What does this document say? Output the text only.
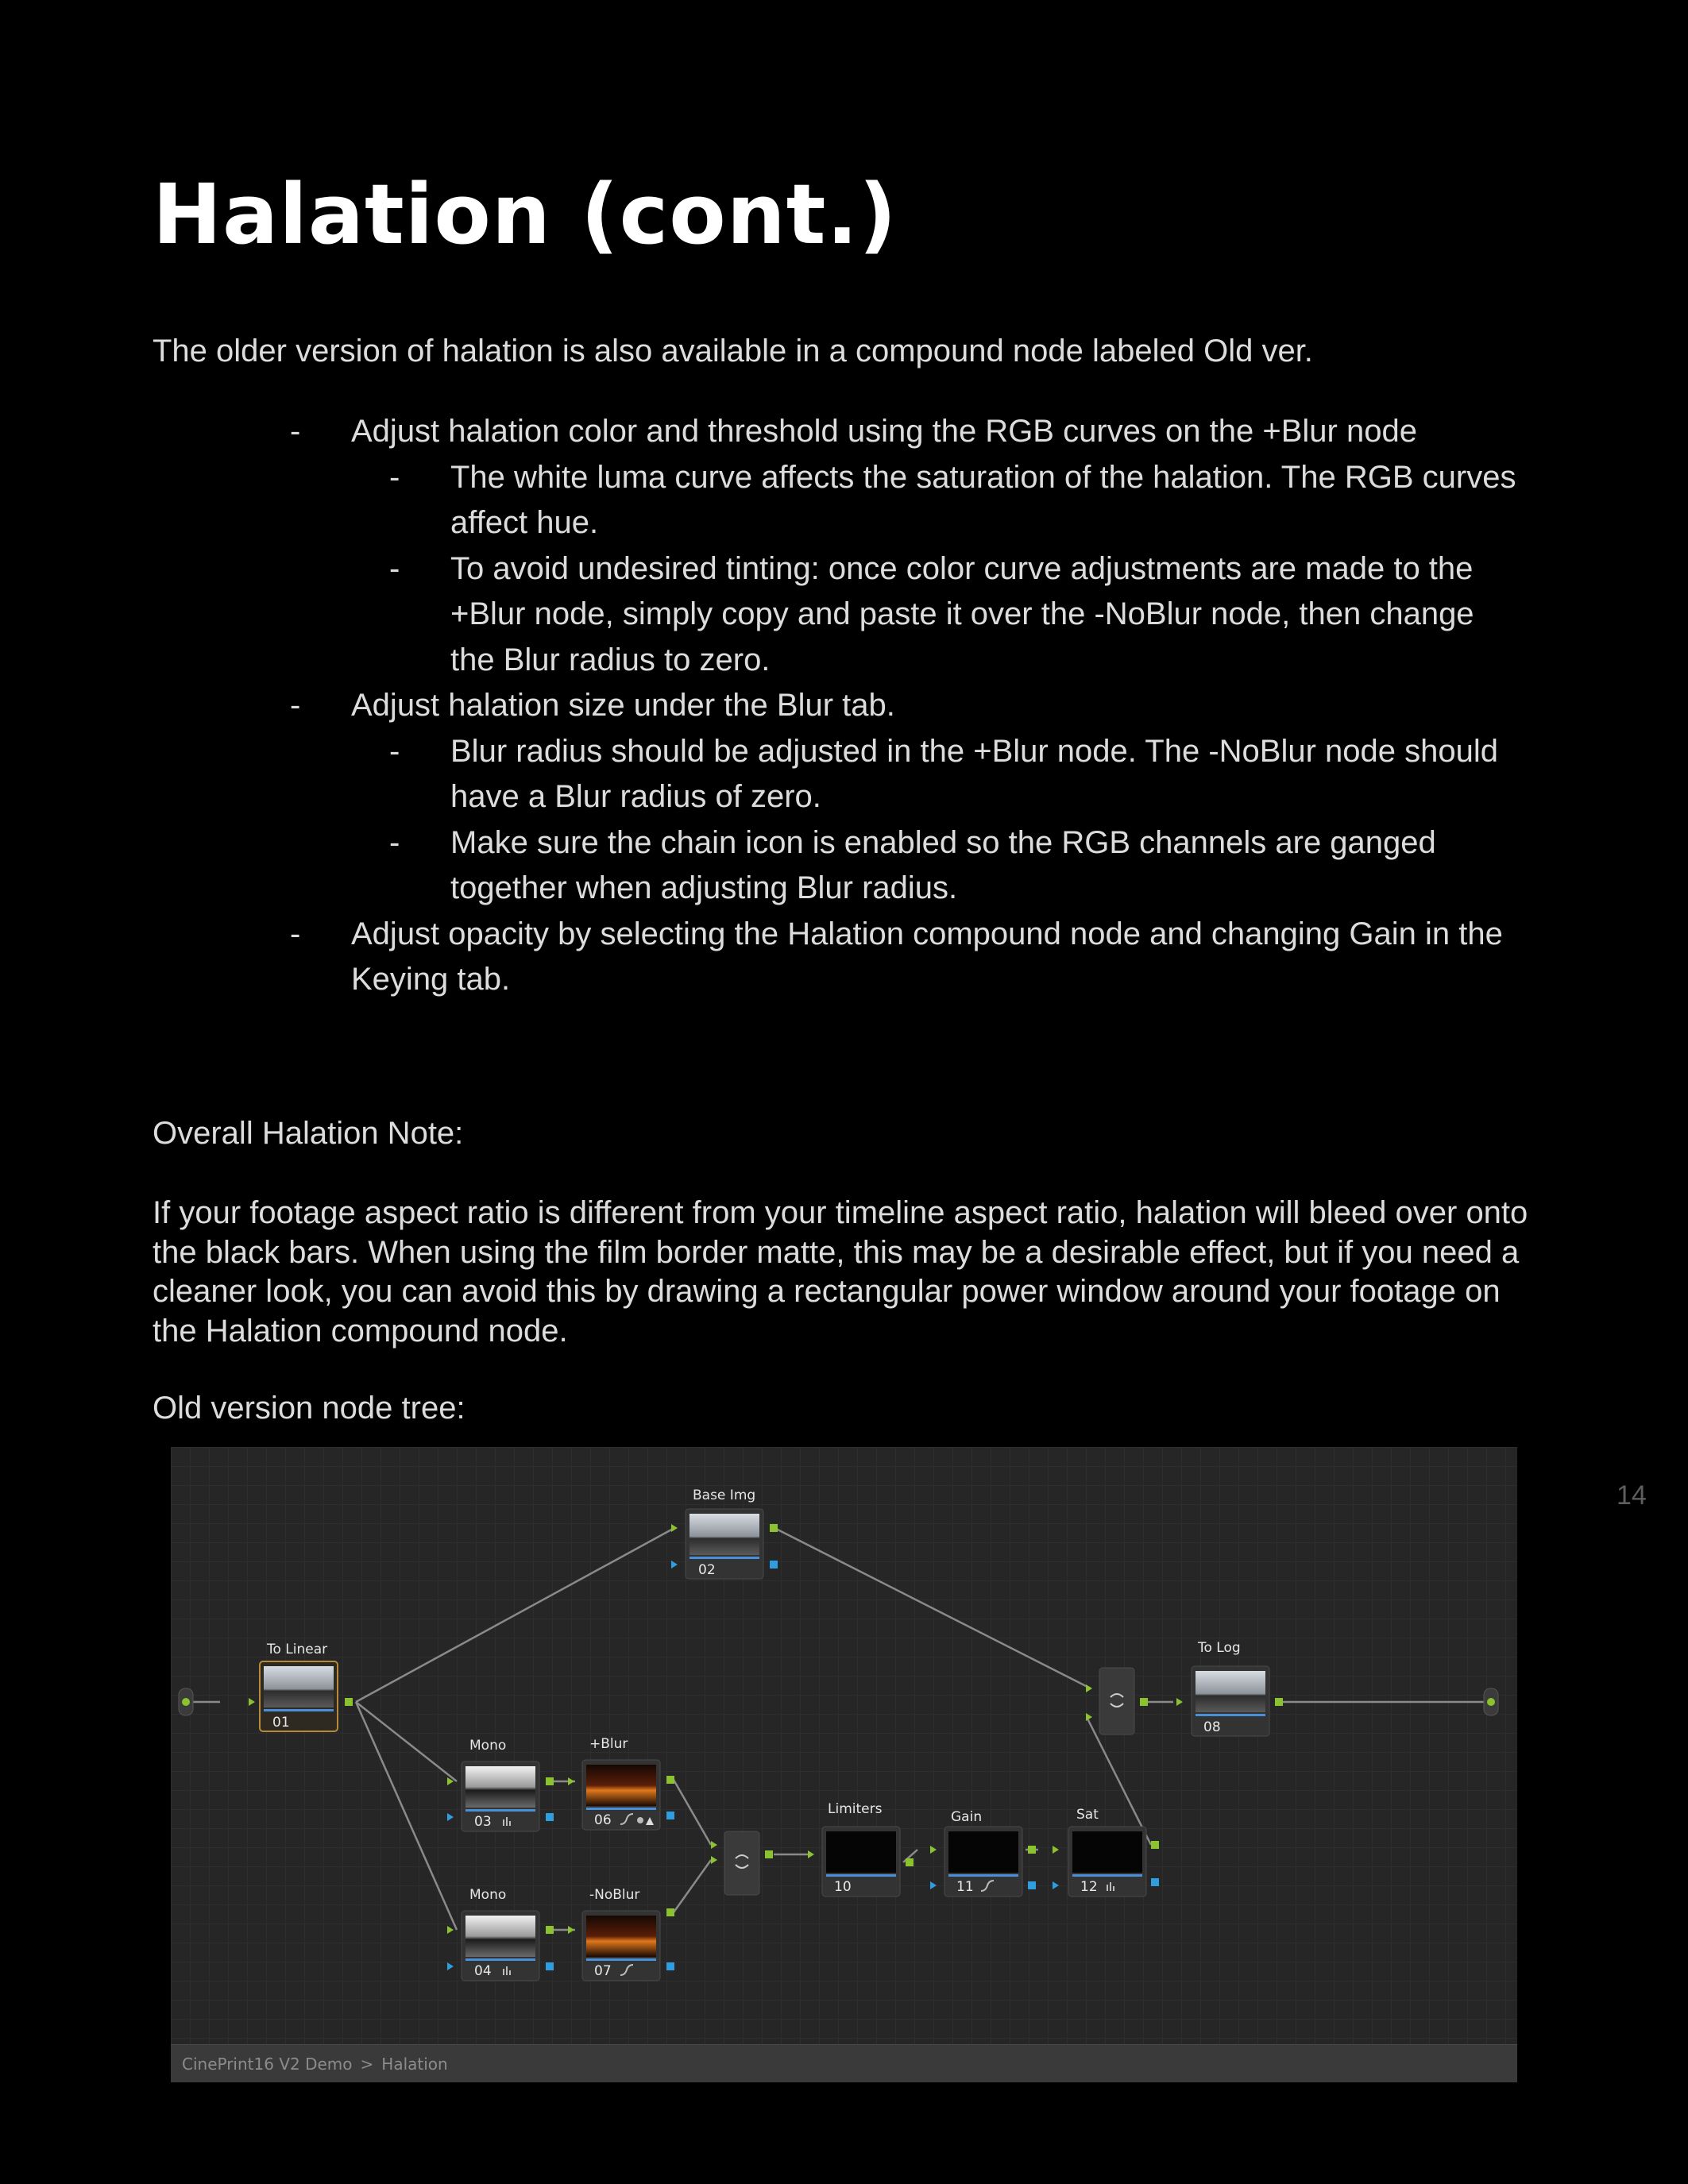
Halation (cont.)

The older version of halation is also available in a compound node labeled Old ver.

- Adjust halation color and threshold using the RGB curves on the +Blur node
- The white luma curve affects the saturation of the halation. The RGB curves affect hue.
- To avoid undesired tinting: once color curve adjustments are made to the +Blur node, simply copy and paste it over the -NoBlur node, then change the Blur radius to zero.
- Adjust halation size under the Blur tab.
- Blur radius should be adjusted in the +Blur node. The -NoBlur node should have a Blur radius of zero.
- Make sure the chain icon is enabled so the RGB channels are ganged together when adjusting Blur radius.
- Adjust opacity by selecting the Halation compound node and changing Gain in the Keying tab.

Overall Halation Note:

If your footage aspect ratio is different from your timeline aspect ratio, halation will bleed over onto the black bars. When using the film border matte, this may be a desirable effect, but if you need a cleaner look, you can avoid this by drawing a rectangular power window around your footage on the Halation compound node.

Old version node tree:

To Linear
01
Base Img
02
Mono
03
Mono
04
+Blur
06
-NoBlur
07
Limiters
10
Gain
11
Sat
12
To Log
08
CinePrint16 V2 Demo > Halation
14
